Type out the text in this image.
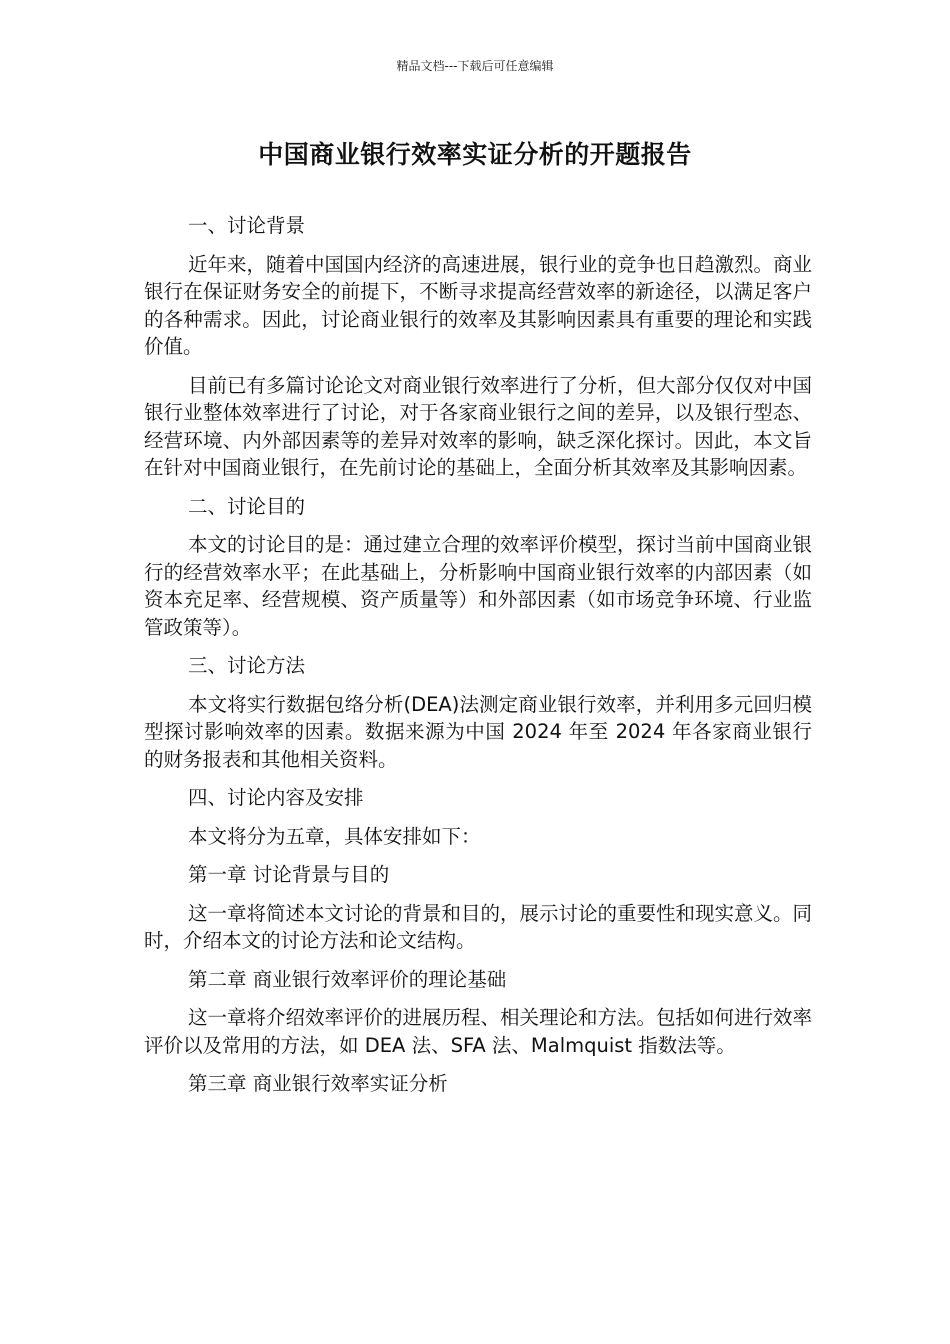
精品文档---下载后可任意编辑
中国商业银行效率实证分析的开题报告
一、讨论背景
近年来，随着中国国内经济的高速进展，银行业的竞争也日趋激烈。商业银行在保证财务安全的前提下，不断寻求提高经营效率的新途径，以满足客户的各种需求。因此，讨论商业银行的效率及其影响因素具有重要的理论和实践价值。
目前已有多篇讨论论文对商业银行效率进行了分析，但大部分仅仅对中国银行业整体效率进行了讨论，对于各家商业银行之间的差异，以及银行型态、经营环境、内外部因素等的差异对效率的影响，缺乏深化探讨。因此，本文旨在针对中国商业银行，在先前讨论的基础上，全面分析其效率及其影响因素。
二、讨论目的
本文的讨论目的是：通过建立合理的效率评价模型，探讨当前中国商业银行的经营效率水平；在此基础上，分析影响中国商业银行效率的内部因素（如资本充足率、经营规模、资产质量等）和外部因素（如市场竞争环境、行业监管政策等）。
三、讨论方法
本文将实行数据包络分析(DEA)法测定商业银行效率，并利用多元回归模型探讨影响效率的因素。数据来源为中国 2024 年至 2024 年各家商业银行的财务报表和其他相关资料。
四、讨论内容及安排
本文将分为五章，具体安排如下：
第一章 讨论背景与目的
这一章将简述本文讨论的背景和目的，展示讨论的重要性和现实意义。同时，介绍本文的讨论方法和论文结构。
第二章 商业银行效率评价的理论基础
这一章将介绍效率评价的进展历程、相关理论和方法。包括如何进行效率评价以及常用的方法，如 DEA 法、SFA 法、Malmquist 指数法等。
第三章 商业银行效率实证分析
